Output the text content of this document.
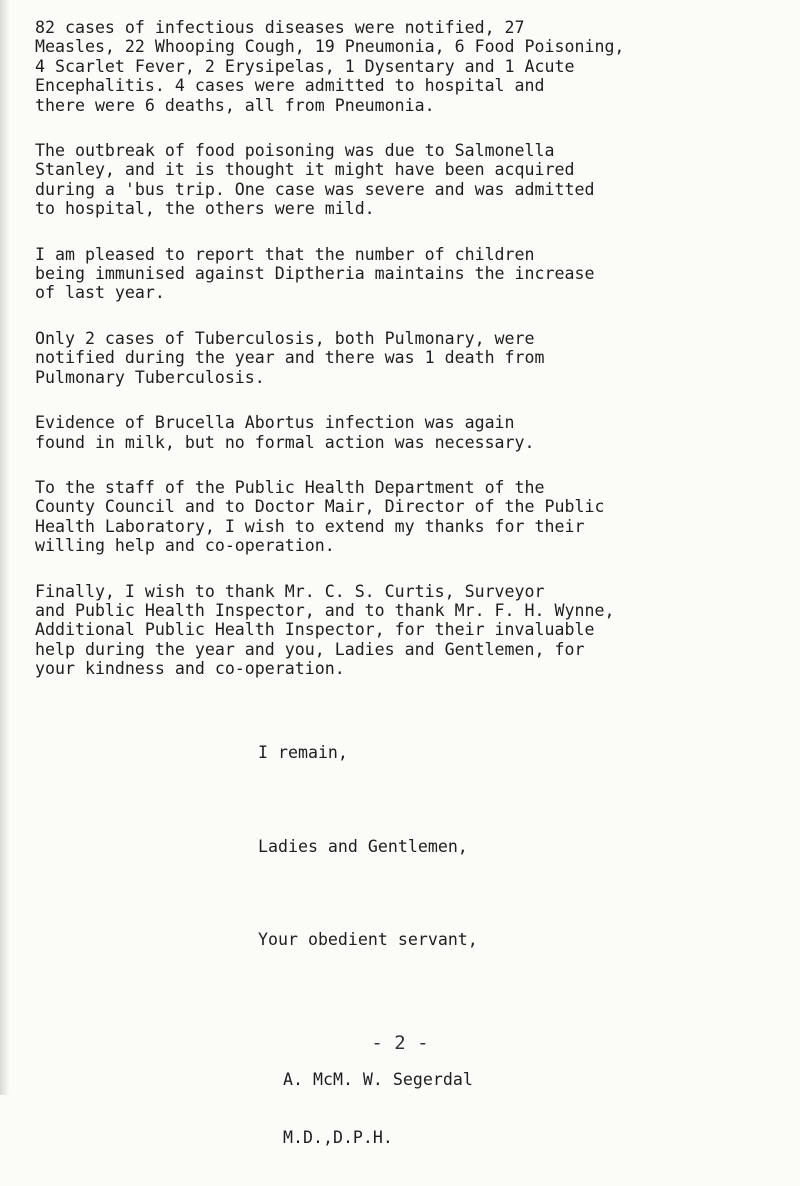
82 cases of infectious diseases were notified, 27
Measles, 22 Whooping Cough, 19 Pneumonia, 6 Food Poisoning,
4 Scarlet Fever, 2 Erysipelas, 1 Dysentary and 1 Acute
Encephalitis. 4 cases were admitted to hospital and
there were 6 deaths, all from Pneumonia.

The outbreak of food poisoning was due to Salmonella
Stanley, and it is thought it might have been acquired
during a 'bus trip. One case was severe and was admitted
to hospital, the others were mild.

I am pleased to report that the number of children
being immunised against Diptheria maintains the increase
of last year.

Only 2 cases of Tuberculosis, both Pulmonary, were
notified during the year and there was 1 death from
Pulmonary Tuberculosis.

Evidence of Brucella Abortus infection was again
found in milk, but no formal action was necessary.

To the staff of the Public Health Department of the
County Council and to Doctor Mair, Director of the Public
Health Laboratory, I wish to extend my thanks for their
willing help and co-operation.

Finally, I wish to thank Mr. C. S. Curtis, Surveyor
and Public Health Inspector, and to thank Mr. F. H. Wynne,
Additional Public Health Inspector, for their invaluable
help during the year and you, Ladies and Gentlemen, for
your kindness and co-operation.

I remain,

Ladies and Gentlemen,

Your obedient servant,

A. McM. W. Segerdal

M.D.,D.P.H.

- 2 -
